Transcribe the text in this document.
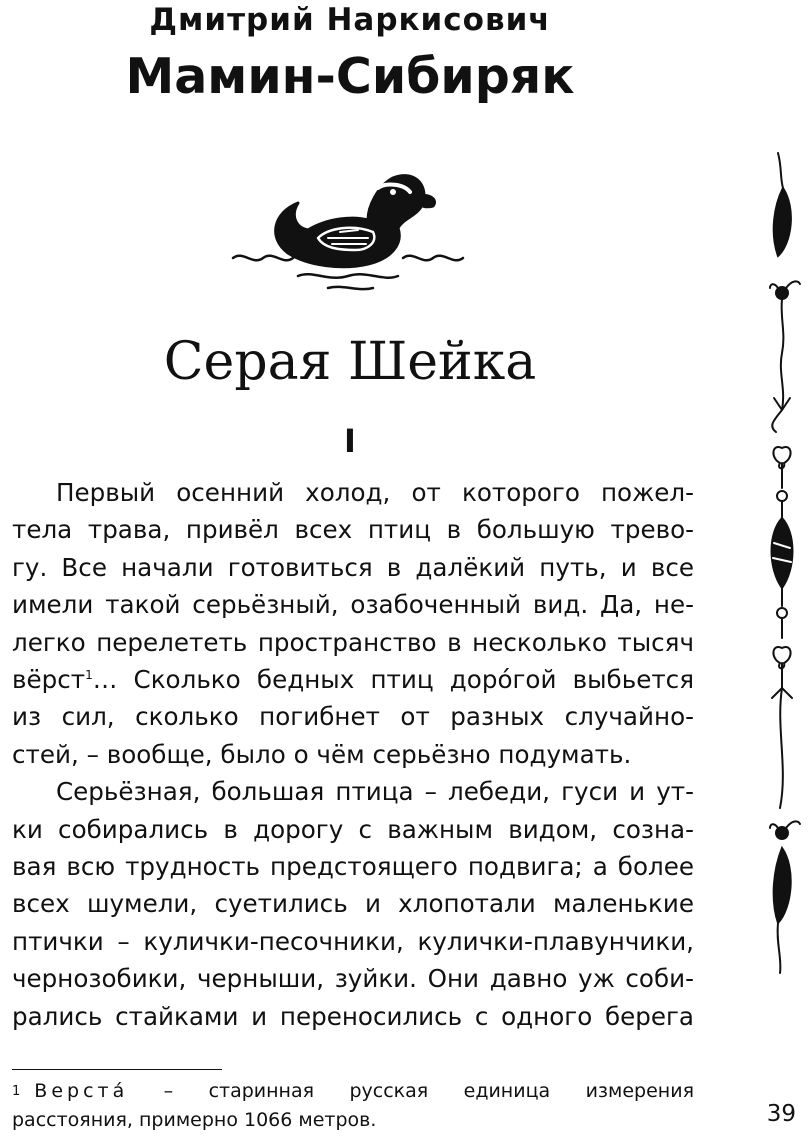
Дмитрий Наркисович
Мамин-Сибиряк
Серая Шейка
I
Первый осенний холод, от которого пожел-
тела трава, привёл всех птиц в большую трево-
гу. Все начали готовиться в далёкий путь, и все
имели такой серьёзный, озабоченный вид. Да, не-
легко перелететь пространство в несколько тысяч
вёрст$^1$… Сколько бедных птиц доро́гой выбьется
из сил, сколько погибнет от разных случайно-
стей, – вообще, было о чём серьёзно подумать.
Серьёзная, большая птица – лебеди, гуси и ут-
ки собирались в дорогу с важным видом, созна-
вая всю трудность предстоящего подвига; а более
всех шумели, суетились и хлопотали маленькие
птички – кулички-песочники, кулички-плавунчики,
чернозобики, черныши, зуйки. Они давно уж соби-
рались стайками и переносились с одного берега
$^1$ Верста́ – старинная русская единица измерения
расстояния, примерно 1066 метров.	39
